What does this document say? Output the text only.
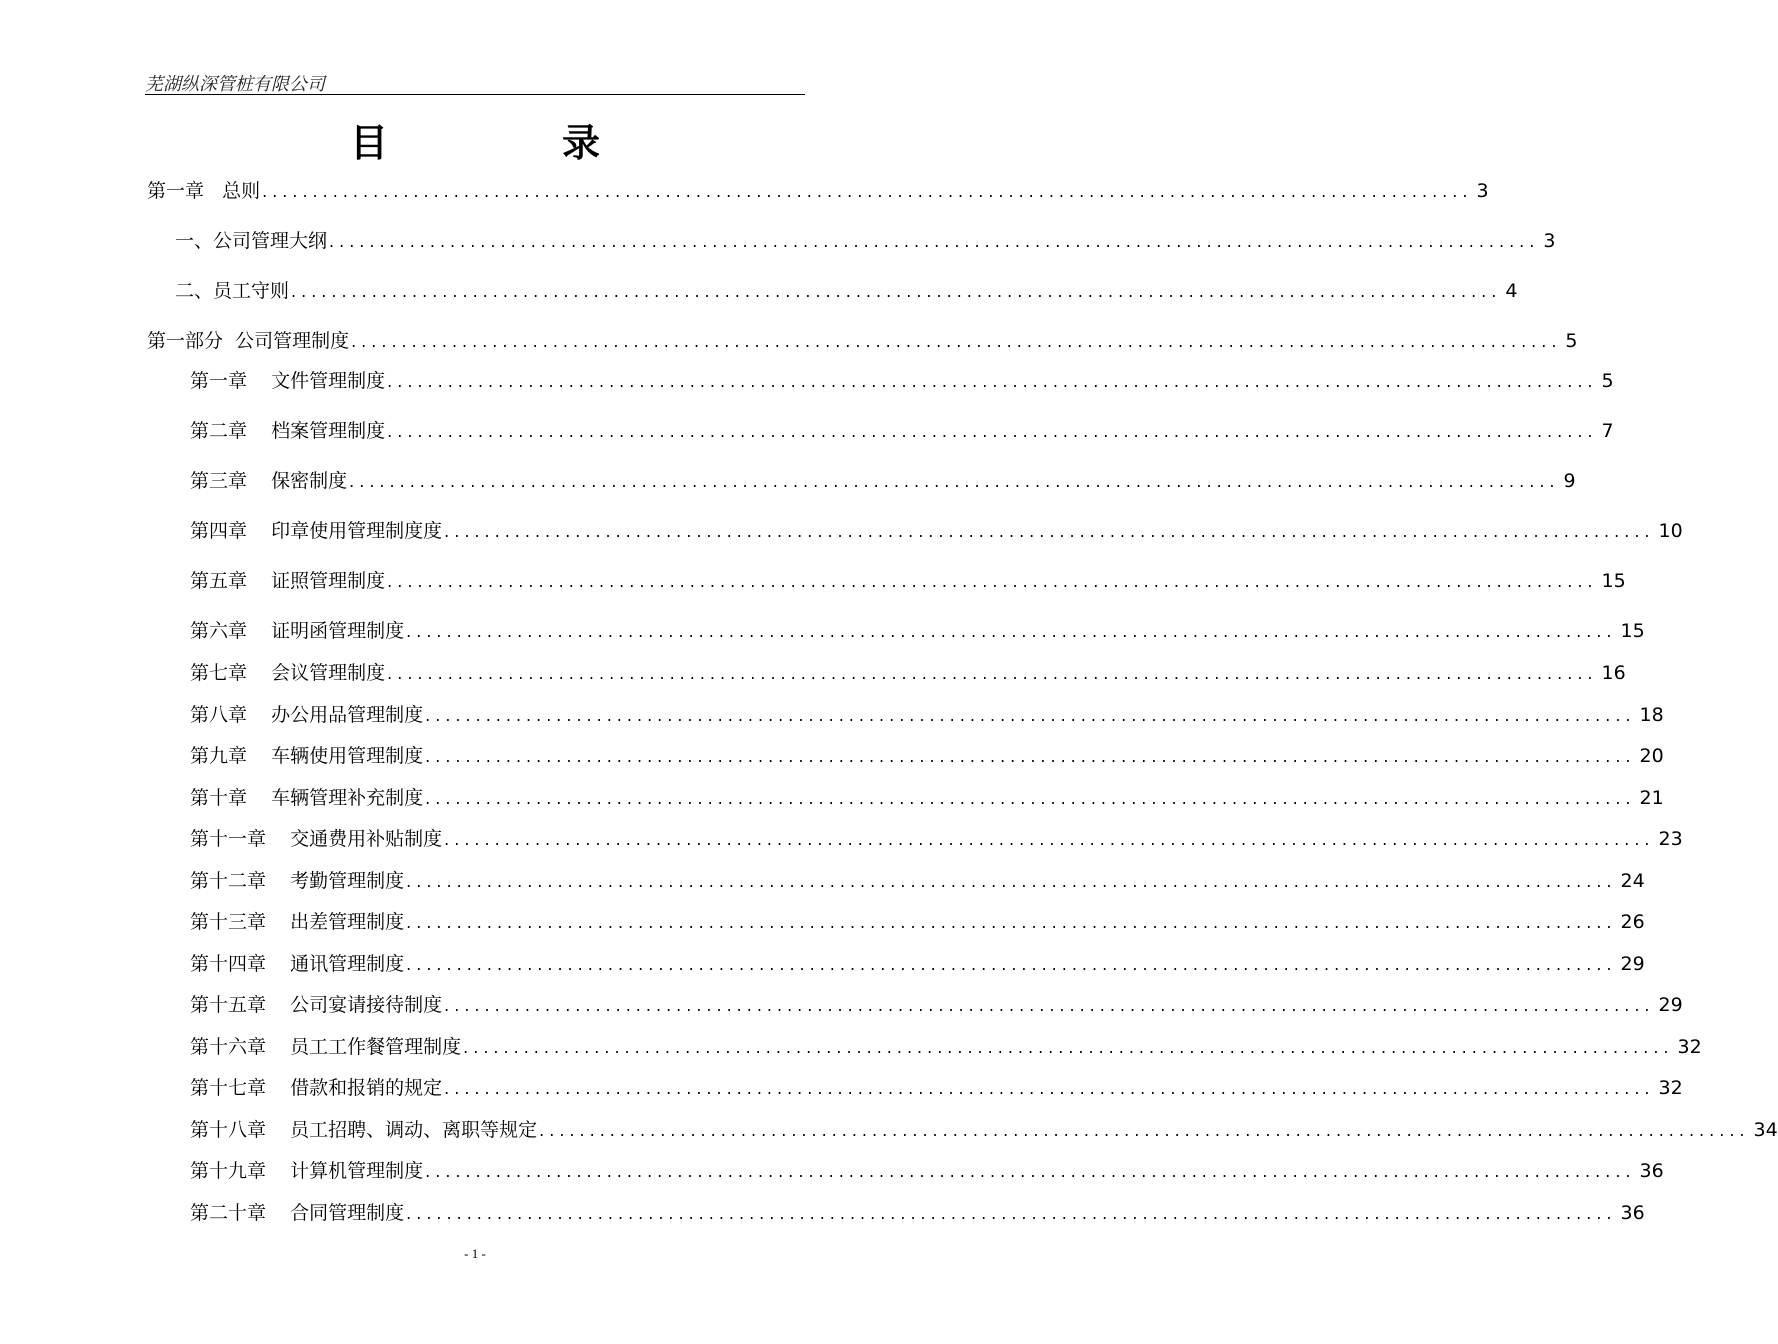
芜湖纵深管桩有限公司
目	录
第一章   总则 ........................................................................................................................ 3
一、公司管理大纲 ........................................................................................................................ 3
二、员工守则 ........................................................................................................................ 4
第一部分  公司管理制度 ........................................................................................................................ 5
第一章    文件管理制度 ........................................................................................................................ 5
第二章    档案管理制度 ........................................................................................................................ 7
第三章    保密制度 ........................................................................................................................ 9
第四章    印章使用管理制度度 ........................................................................................................................ 10
第五章    证照管理制度 ........................................................................................................................ 15
第六章    证明函管理制度 ........................................................................................................................ 15
第七章    会议管理制度 ........................................................................................................................ 16
第八章    办公用品管理制度 ........................................................................................................................ 18
第九章    车辆使用管理制度 ........................................................................................................................ 20
第十章    车辆管理补充制度 ........................................................................................................................ 21
第十一章    交通费用补贴制度 ........................................................................................................................ 23
第十二章    考勤管理制度 ........................................................................................................................ 24
第十三章    出差管理制度 ........................................................................................................................ 26
第十四章    通讯管理制度 ........................................................................................................................ 29
第十五章    公司宴请接待制度 ........................................................................................................................ 29
第十六章    员工工作餐管理制度 ........................................................................................................................ 32
第十七章    借款和报销的规定 ........................................................................................................................ 32
第十八章    员工招聘、调动、离职等规定 ........................................................................................................................ 34
第十九章    计算机管理制度 ........................................................................................................................ 36
第二十章    合同管理制度 ........................................................................................................................ 36
- 1 -
